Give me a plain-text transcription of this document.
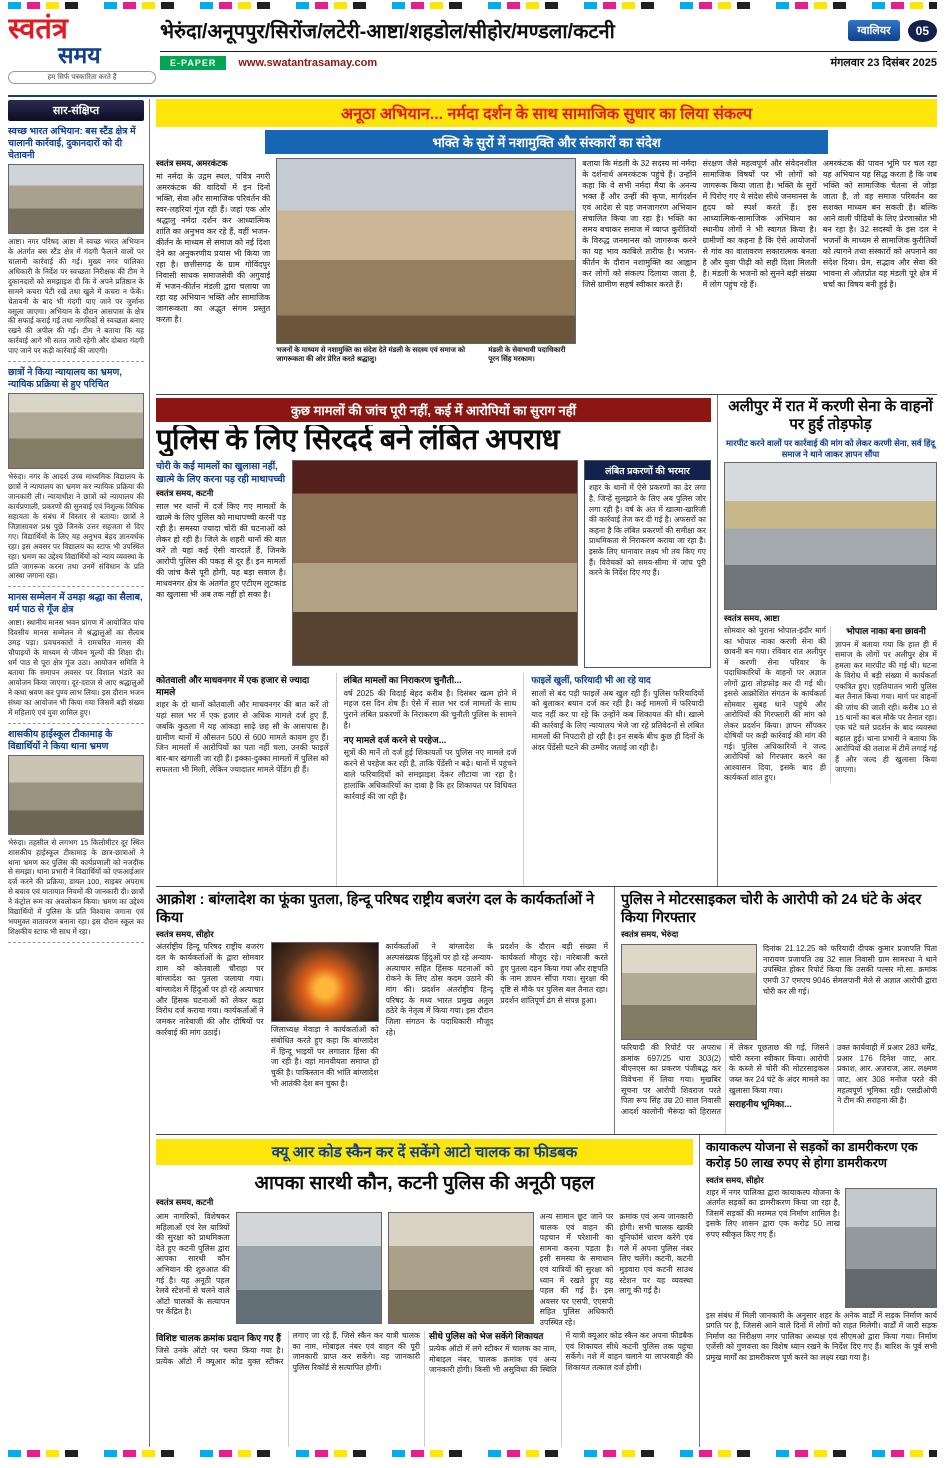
स्वतंत्र
समय
हम सिर्फ पत्रकारिता करते हैं
भेरुंदा/अनूपपुर/सिरोंज/लटेरी-आष्टा/शहडोल/सीहोर/मण्डला/कटनी	ग्वालियर	05
E-PAPER	www.swatantrasamay.com	मंगलवार 23 दिसंबर 2025
सार-संक्षिप्त
स्वच्छ भारत अभियान: बस स्टैंड क्षेत्र में चालानी कार्रवाई, दुकानदारों को दी चेतावनी

आष्टा। नगर परिषद आष्टा में स्वच्छ भारत अभियान के अंतर्गत बस स्टैंड क्षेत्र में गंदगी फैलाने वालों पर चालानी कार्रवाई की गई। मुख्य नगर पालिका अधिकारी के निर्देश पर स्वच्छता निरीक्षक की टीम ने दुकानदारों को समझाइश दी कि वे अपने प्रतिष्ठान के सामने कचरा पेटी रखें तथा खुले में कचरा न फेंकें। चेतावनी के बाद भी गंदगी पाए जाने पर जुर्माना वसूला जाएगा। अभियान के दौरान आसपास के क्षेत्र की सफाई कराई गई तथा नागरिकों से स्वच्छता बनाए रखने की अपील की गई। टीम ने बताया कि यह कार्रवाई आगे भी सतत जारी रहेगी और दोबारा गंदगी पाए जाने पर कड़ी कार्रवाई की जाएगी।

छात्रों ने किया न्यायालय का भ्रमण, न्यायिक प्रक्रिया से हुए परिचित

भेरुंदा। नगर के आदर्श उच्च माध्यमिक विद्यालय के छात्रों ने न्यायालय का भ्रमण कर न्यायिक प्रक्रिया की जानकारी ली। न्यायाधीश ने छात्रों को न्यायालय की कार्यप्रणाली, प्रकरणों की सुनवाई एवं निशुल्क विधिक सहायता के संबंध में विस्तार से बताया। छात्रों ने जिज्ञासावश प्रश्न पूछे जिनके उत्तर सहजता से दिए गए। विद्यार्थियों के लिए यह अनुभव बेहद ज्ञानवर्धक रहा। इस अवसर पर विद्यालय का स्टाफ भी उपस्थित रहा। भ्रमण का उद्देश्य विद्यार्थियों को न्याय व्यवस्था के प्रति जागरूक करना तथा उनमें संविधान के प्रति आस्था जगाना रहा।

मानस सम्मेलन में उमड़ा श्रद्धा का सैलाब, धर्म पाठ से गूँज क्षेत्र

आष्टा। स्थानीय मानस भवन प्रांगण में आयोजित पांच दिवसीय मानस सम्मेलन में श्रद्धालुओं का सैलाब उमड़ पड़ा। प्रवचनकारों ने रामचरित मानस की चौपाइयों के माध्यम से जीवन मूल्यों की शिक्षा दी। धर्म पाठ से पूरा क्षेत्र गूंज उठा। आयोजन समिति ने बताया कि समापन अवसर पर विशाल भंडारे का आयोजन किया जाएगा। दूर-दराज से आए श्रद्धालुओं ने कथा श्रवण कर पुण्य लाभ लिया। इस दौरान भजन संध्या का आयोजन भी किया गया जिसमें बड़ी संख्या में महिलाएं एवं युवा शामिल हुए।

शासकीय हाईस्कूल टीकामाड़ के विद्यार्थियों ने किया थाना भ्रमण

भेरुंदा। तहसील से लगभग 15 किलोमीटर दूर स्थित शासकीय हाईस्कूल टीकामाड़ के छात्र-छात्राओं ने थाना भ्रमण कर पुलिस की कार्यप्रणाली को नजदीक से समझा। थाना प्रभारी ने विद्यार्थियों को एफआईआर दर्ज करने की प्रक्रिया, डायल 100, साइबर अपराध से बचाव एवं यातायात नियमों की जानकारी दी। छात्रों ने कंट्रोल रूम का अवलोकन किया। भ्रमण का उद्देश्य विद्यार्थियों में पुलिस के प्रति विश्वास जगाना एवं भयमुक्त वातावरण बनाना रहा। इस दौरान स्कूल का शिक्षकीय स्टाफ भी साथ में रहा।

अनूठा अभियान... नर्मदा दर्शन के साथ सामाजिक सुधार का लिया संकल्प
भक्ति के सुरों में नशामुक्ति और संस्कारों का संदेश
स्वतंत्र समय, अमरकंटक

मां नर्मदा के उद्गम स्थल, पवित्र नगरी अमरकंटक की वादियों में इन दिनों भक्ति, सेवा और सामाजिक परिवर्तन की स्वर-लहरियां गूंज रही हैं। जहां एक ओर श्रद्धालु नर्मदा दर्शन कर आध्यात्मिक शांति का अनुभव कर रहे हैं, वहीं भजन-कीर्तन के माध्यम से समाज को नई दिशा देने का अनुकरणीय प्रयास भी किया जा रहा है। छत्तीसगढ़ के ग्राम गोविंदपुर निवासी साधक समाजसेवी की अगुवाई में भजन-कीर्तन मंडली द्वारा चलाया जा रहा यह अभियान भक्ति और सामाजिक जागरूकता का अद्भुत संगम प्रस्तुत करता है।

भजनों के माध्यम से नशामुक्ति का संदेश देते मंडली के सदस्य एवं समाज को जागरूकता की ओर प्रेरित करते श्रद्धालु।
मंडली के सेवाभावी पदाधिकारी पूरन सिंह मरकाम।

बताया कि मंडली के 32 सदस्य मां नर्मदा के दर्शनार्थ अमरकंटक पहुंचे हैं। उन्होंने कहा कि वे सभी नर्मदा मैया के अनन्य भक्त हैं और उन्हीं की कृपा, मार्गदर्शन एवं आदेश से यह जनजागरण अभियान संचालित किया जा रहा है। भक्ति का समय बचाकर समाज में व्याप्त कुरीतियों के विरुद्ध जनमानस को जागरूक करने का यह भाव काबिले तारीफ है। भजन-कीर्तन के दौरान नशामुक्ति का आह्वान कर लोगों को संकल्प दिलाया जाता है, जिसे ग्रामीण सहर्ष स्वीकार करते हैं।

संरक्षण जैसे महत्वपूर्ण और संवेदनशील सामाजिक विषयों पर भी लोगों को जागरूक किया जाता है। भक्ति के सुरों में पिरोए गए ये संदेश सीधे जनमानस के हृदय को स्पर्श करते हैं। इस आध्यात्मिक-सामाजिक अभियान का स्थानीय लोगों ने भी स्वागत किया है। ग्रामीणों का कहना है कि ऐसे आयोजनों से गांव का वातावरण सकारात्मक बनता है और युवा पीढ़ी को सही दिशा मिलती है। मंडली के भजनों को सुनने बड़ी संख्या में लोग पहुंच रहे हैं।

अमरकंटक की पावन भूमि पर चल रहा यह अभियान यह सिद्ध करता है कि जब भक्ति को सामाजिक चेतना से जोड़ा जाता है, तो वह समाज परिवर्तन का सशक्त माध्यम बन सकती है। बल्कि आने वाली पीढ़ियों के लिए प्रेरणास्रोत भी बन रहा है। 32 सदस्यों के इस दल ने भजनों के माध्यम से सामाजिक कुरीतियों को त्यागने तथा संस्कारों को अपनाने का संदेश दिया। प्रेम, सद्भाव और सेवा की भावना से ओतप्रोत यह मंडली पूरे क्षेत्र में चर्चा का विषय बनी हुई है।

कुछ मामलों की जांच पूरी नहीं, कई में आरोपियों का सुराग नहीं
पुलिस के लिए सिरदर्द बने लंबित अपराध
चोरी के कई मामलों का खुलासा नहीं, खात्मे के लिए करना पड़ रही माथापच्ची
स्वतंत्र समय, कटनी

साल भर थानों में दर्ज किए गए मामलों के खात्मे के लिए पुलिस को माथापच्ची करनी पड़ रही है। समस्या ज्यादा चोरी की घटनाओं को लेकर हो रही है। जिले के शहरी थानों की बात करें तो यहां कई ऐसी वारदातें हैं, जिनके आरोपी पुलिस की पकड़ से दूर हैं। इन मामलों की जांच कैसे पूरी होगी, यह बड़ा सवाल है। माधवनगर क्षेत्र के अंतर्गत हुए एटीएम लूटकांड का खुलासा भी अब तक नहीं हो सका है।

लंबित प्रकरणों की भरमार

शहर के थानों में ऐसे प्रकरणों का ढेर लगा है, जिन्हें सुलझाने के लिए अब पुलिस जोर लगा रही है। वर्ष के अंत में खात्मा-खारिजी की कार्रवाई तेज कर दी गई है। अफसरों का कहना है कि लंबित प्रकरणों की समीक्षा कर प्राथमिकता से निराकरण कराया जा रहा है। इसके लिए थानावार लक्ष्य भी तय किए गए हैं। विवेचकों को समय-सीमा में जांच पूरी करने के निर्देश दिए गए हैं।

कोतवाली और माधवनगर में एक हजार से ज्यादा मामले

शहर के दो थानों कोतवाली और माधवनगर की बात करें तो यहां साल भर में एक हजार से अधिक मामले दर्ज हुए हैं, जबकि कुठला में यह आंकड़ा साढ़े छह सौ के आसपास है। ग्रामीण थानों में औसतन 500 से 600 मामले कायम हुए हैं। जिन मामलों में आरोपियों का पता नहीं चला, उनकी फाइलें बार-बार खंगाली जा रही हैं। इक्का-दुक्का मामलों में पुलिस को सफलता भी मिली, लेकिन ज्यादातर मामले पेंडिंग ही हैं।

लंबित मामलों का निराकरण चुनौती...

वर्ष 2025 की विदाई बेहद करीब है। दिसंबर खत्म होने में महज दस दिन शेष हैं। ऐसे में साल भर दर्ज मामलों के साथ पुराने लंबित प्रकरणों के निराकरण की चुनौती पुलिस के सामने है।

नए मामले दर्ज करने से परहेज...

सूत्रों की मानें तो दर्ज हुई शिकायतों पर पुलिस नए मामले दर्ज करने से परहेज कर रही है, ताकि पेंडेंसी न बढ़े। थानों में पहुंचने वाले फरियादियों को समझाइश देकर लौटाया जा रहा है। हालांकि अधिकारियों का दावा है कि हर शिकायत पर विधिवत कार्रवाई की जा रही है।

फाइलें खुलीं, फरियादी भी आ रहे याद

सालों से बंद पड़ी फाइलें अब खुल रही हैं। पुलिस फरियादियों को बुलाकर बयान दर्ज कर रही है। कई मामलों में फरियादी याद नहीं कर पा रहे कि उन्होंने कब शिकायत की थी। खात्मे की कार्रवाई के लिए न्यायालय भेजे जा रहे प्रतिवेदनों से लंबित मामलों की निपटारी हो रही है। इन सबके बीच कुछ ही दिनों के अंदर पेंडेंसी घटने की उम्मीद जताई जा रही है।

अलीपुर में रात में करणी सेना के वाहनों पर हुई तोड़फोड़
मारपीट करने वालों पर कार्रवाई की मांग को लेकर करणी सेना, सर्व हिंदू समाज ने थाने जाकर ज्ञापन सौंपा
स्वतंत्र समय, आष्टा

सोमवार को पुराना भोपाल-इंदौर मार्ग का भोपाल नाका करणी सेना की छावनी बन गया। रविवार रात अलीपुर में करणी सेना परिवार के पदाधिकारियों के वाहनों पर अज्ञात लोगों द्वारा तोड़फोड़ कर दी गई थी। इससे आक्रोशित संगठन के कार्यकर्ता सोमवार सुबह थाने पहुंचे और आरोपियों की गिरफ्तारी की मांग को लेकर प्रदर्शन किया। ज्ञापन सौंपकर दोषियों पर कड़ी कार्रवाई की मांग की गई। पुलिस अधिकारियों ने जल्द आरोपियों को गिरफ्तार करने का आश्वासन दिया, इसके बाद ही कार्यकर्ता शांत हुए।

भोपाल नाका बना छावनी

ज्ञापन में बताया गया कि हाल ही में समाज के लोगों पर अलीपुर क्षेत्र में हमला कर मारपीट की गई थी। घटना के विरोध में बड़ी संख्या में कार्यकर्ता एकत्रित हुए। एहतियातन भारी पुलिस बल तैनात किया गया। मार्ग पर वाहनों की जांच की जाती रही। करीब 10 से 15 थानों का बल मौके पर तैनात रहा। एक घंटे चले प्रदर्शन के बाद व्यवस्था बहाल हुई। थाना प्रभारी ने बताया कि आरोपियों की तलाश में टीमें लगाई गई हैं और जल्द ही खुलासा किया जाएगा।

आक्रोश : बांग्लादेश का फूंका पुतला, हिन्दू परिषद राष्ट्रीय बजरंग दल के कार्यकर्ताओं ने किया
स्वतंत्र समय, सीहोर

अंतर्राष्ट्रीय हिन्दू परिषद राष्ट्रीय बजरंग दल के कार्यकर्ताओं के द्वारा सोमवार शाम को कोतवाली चौराहा पर बांग्लादेश का पुतला जलाया गया। बांग्लादेश में हिंदुओं पर हो रहे अत्याचार और हिंसक घटनाओं को लेकर कड़ा विरोध दर्ज कराया गया। कार्यकर्ताओं ने जमकर नारेबाजी की और दोषियों पर कार्रवाई की मांग उठाई।	जिलाध्यक्ष मेवाड़ा ने कार्यकर्ताओं को संबोधित करते हुए कहा कि बांग्लादेश में हिन्दू भाइयों पर लगातार हिंसा की जा रही है। वहां मानवीयता समाप्त हो चुकी है। पाकिस्तान की भांति बांग्लादेश भी आतंकी देश बन चुका है।

कार्यकर्ताओं ने बांग्लादेश के अल्पसंख्यक हिंदुओं पर हो रहे अन्याय-अत्याचार सहित हिंसक घटनाओं को रोकने के लिए ठोस कदम उठाने की मांग की। प्रदर्शन अंतर्राष्ट्रीय हिन्दू परिषद के मध्य भारत प्रमुख अतुल ठठेरे के नेतृत्व में किया गया। इस दौरान जिला संगठन के पदाधिकारी मौजूद रहे।

प्रदर्शन के दौरान बड़ी संख्या में कार्यकर्ता मौजूद रहे। नारेबाजी करते हुए पुतला दहन किया गया और राष्ट्रपति के नाम ज्ञापन सौंपा गया। सुरक्षा की दृष्टि से मौके पर पुलिस बल तैनात रहा। प्रदर्शन शांतिपूर्ण ढंग से संपन्न हुआ।

पुलिस ने मोटरसाइकल चोरी के आरोपी को 24 घंटे के अंदर किया गिरफ्तार
स्वतंत्र समय, भेरुंदा

दिनांक 21.12.25 को फरियादी दीपक कुमार प्रजापति पिता नारायण प्रजापति उम्र 32 साल निवासी ग्राम सामरधा ने थाने उपस्थित होकर रिपोर्ट किया कि उसकी पल्सर मो.सा. क्रमांक एमपी 37 एमएच 9046 सेमलपानी मेले से अज्ञात आरोपी द्वारा चोरी कर ली गई।

फरियादी की रिपोर्ट पर अपराध क्रमांक 697/25 धारा 303(2) बीएनएस का प्रकरण पंजीबद्ध कर विवेचना में लिया गया। मुखबिर सूचना पर आरोपी शिवराज परते पिता रूप सिंह उम्र 20 साल निवासी आदर्श कालोनी भैरूंदा को हिरासत में लेकर पूछताछ की गई, जिसने चोरी करना स्वीकार किया। आरोपी के कब्जे से चोरी की मोटरसाइकल जब्त कर 24 घंटे के अंदर मामले का खुलासा किया गया।

सराहनीय भूमिका...

उक्त कार्यवाही में प्रआर 283 धर्मेंद्र, प्रआर 176 दिनेश जाट, आर. प्रकाश, आर. अजराज, आर. लक्ष्मण जाट, आर 308 मनोज परते की महत्वपूर्ण भूमिका रही। एसडीओपी ने टीम की सराहना की है।

क्यू आर कोड स्कैन कर दें सकेंगे आटो चालक का फीडबक
आपका सारथी कौन, कटनी पुलिस की अनूठी पहल
स्वतंत्र समय, कटनी

आम नागरिकों, विशेषकर महिलाओं एवं रेल यात्रियों की सुरक्षा को प्राथमिकता देते हुए कटनी पुलिस द्वारा आपका सारथी कौन अभियान की शुरुआत की गई है। यह अनूठी पहल रेलवे स्टेशनों से चलने वाले ऑटो चालकों के सत्यापन पर केंद्रित है।

अन्य सामान छूट जाने पर चालक एवं वाहन की पहचान में परेशानी का सामना करना पड़ता है। इसी समस्या के समाधान एवं यात्रियों की सुरक्षा को ध्यान में रखते हुए यह पहल की गई है। इस अवसर पर एसपी, एएसपी सहित पुलिस अधिकारी उपस्थित रहे।

क्रमांक एवं अन्य जानकारी होगी। सभी चालक खाकी यूनिफॉर्म धारण करेंगे एवं गले में अपना पुलिस नंबर लिए चलेंगे। कटनी, कटनी मुड़वारा एवं कटनी साउथ स्टेशन पर यह व्यवस्था लागू की गई है।

विशिष्ट चालक क्रमांक प्रदान किए गए हैं

जिसे उनके ऑटो पर चस्पा किया गया है। प्रत्येक ऑटो में क्यूआर कोड युक्त स्टीकर लगाए जा रहे हैं, जिसे स्कैन कर यात्री चालक का नाम, मोबाइल नंबर एवं वाहन की पूरी जानकारी प्राप्त कर सकेंगे। यह जानकारी पुलिस रिकॉर्ड से सत्यापित होगी।

सीधे पुलिस को भेज सकेंगे शिकायत

प्रत्येक ऑटो में लगे स्टीकर में चालक का नाम, मोबाइल नंबर, चालक क्रमांक एवं अन्य जानकारी होगी। किसी भी असुविधा की स्थिति में यात्री क्यूआर कोड स्कैन कर अपना फीडबैक एवं शिकायत सीधे कटनी पुलिस तक पहुंचा सकेंगे। नशे में वाहन चलाने या लापरवाही की शिकायत तत्काल दर्ज होगी।

कायाकल्प योजना से सड़कों का डामरीकरण एक करोड़ 50 लाख रुपए से होगा डामरीकरण
स्वतंत्र समय, सीहोर

शहर में नगर पालिका द्वारा कायाकल्प योजना के अंतर्गत सड़कों का डामरीकरण किया जा रहा है, जिसमें सड़कों की मरम्मत एवं निर्माण शामिल है। इसके लिए शासन द्वारा एक करोड़ 50 लाख रुपए स्वीकृत किए गए हैं।

इस संबंध में मिली जानकारी के अनुसार शहर के अनेक वार्डों में सड़क निर्माण कार्य प्रगति पर है, जिससे आने वाले दिनों में लोगों को राहत मिलेगी। वार्डों में जारी सड़क निर्माण का निरीक्षण नगर पालिका अध्यक्ष एवं सीएमओ द्वारा किया गया। निर्माण एजेंसी को गुणवत्ता का विशेष ध्यान रखने के निर्देश दिए गए हैं। बारिश के पूर्व सभी प्रमुख मार्गों का डामरीकरण पूर्ण करने का लक्ष्य रखा गया है।
